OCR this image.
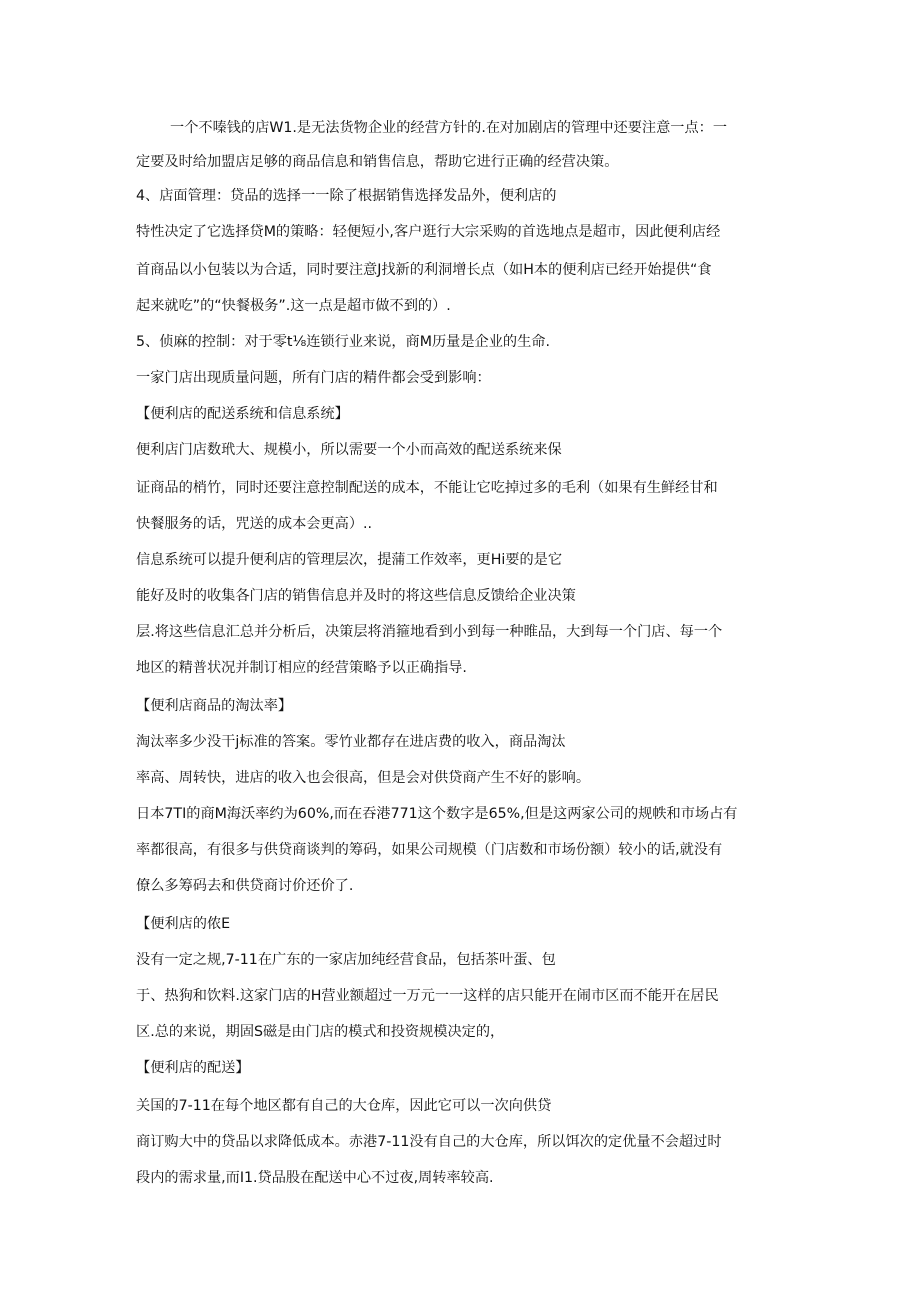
一个不嗪钱的店W1.是无法货物企业的经营方针的.在对加剧店的管理中还要注意一点：一
定要及时给加盟店足够的商品信息和销售信息，帮助它进行正确的经营决策。
4、店面管理：贷品的选择一一除了根据销售选择发品外，便利店的
特性决定了它选择贷M的策略：轻便短小,客户逛行大宗采购的首选地点是超市，因此便利店经
首商品以小包装以为合适，同时要注意J找新的利洞增长点（如H本的便利店已经开始提供“食
起来就吃”的“快餐极务”.这一点是超市做不到的）.
5、侦麻的控制：对于零t⅛连锁行业来说，商M历量是企业的生命.
一家门店出现质量问题，所有门店的精件都会受到影响：
【便利店的配送系统和信息系统】
便利店门店数玳大、规模小，所以需要一个小而高效的配送系统来保
证商品的梢竹，同时还要注意控制配送的成本，不能让它吃掉过多的毛利（如果有生鲜经甘和
快餐服务的话，咒送的成本会更高）..
信息系统可以提升便利店的管理层次，提蒲工作效率，更Hi要的是它
能好及时的收集各门店的销售信息并及时的将这些信息反馈给企业决策
层.将这些信息汇总并分析后，决策层将消箍地看到小到每一种睢品，大到每一个门店、每一个
地区的精普状况并制订相应的经营策略予以正确指导.
【便利店商品的淘汰率】
淘汰率多少没干j标准的答案。零竹业都存在进店费的收入，商品淘汰
率高、周转快，进店的收入也会很高，但是会对供贷商产生不好的影响。
日本7TI的商M海沃率约为60%,而在吞港771这个数字是65%,但是这两家公司的规帙和市场占有
率都很高，有很多与供贷商谈判的筹码，如果公司规模（门店数和市场份额）较小的话,就没有
僚么多筹码去和供贷商讨价还价了.
【便利店的侬E
没有一定之规,7-11在广东的一家店加纯经营食品，包括茶叶蛋、包
于、热狗和饮料.这家门店的H营业额超过一万元一一这样的店只能开在闹市区而不能开在居民
区.总的来说，期固S磁是由门店的模式和投资规模决定的，
【便利店的配送】
关国的7-11在每个地区都有自己的大仓库，因此它可以一次向供贷
商订购大中的贷品以求降低成本。赤港7-11没有自己的大仓库，所以饵次的定优量不会超过时
段内的需求量,而I1.贷品股在配送中心不过夜,周转率较高.
